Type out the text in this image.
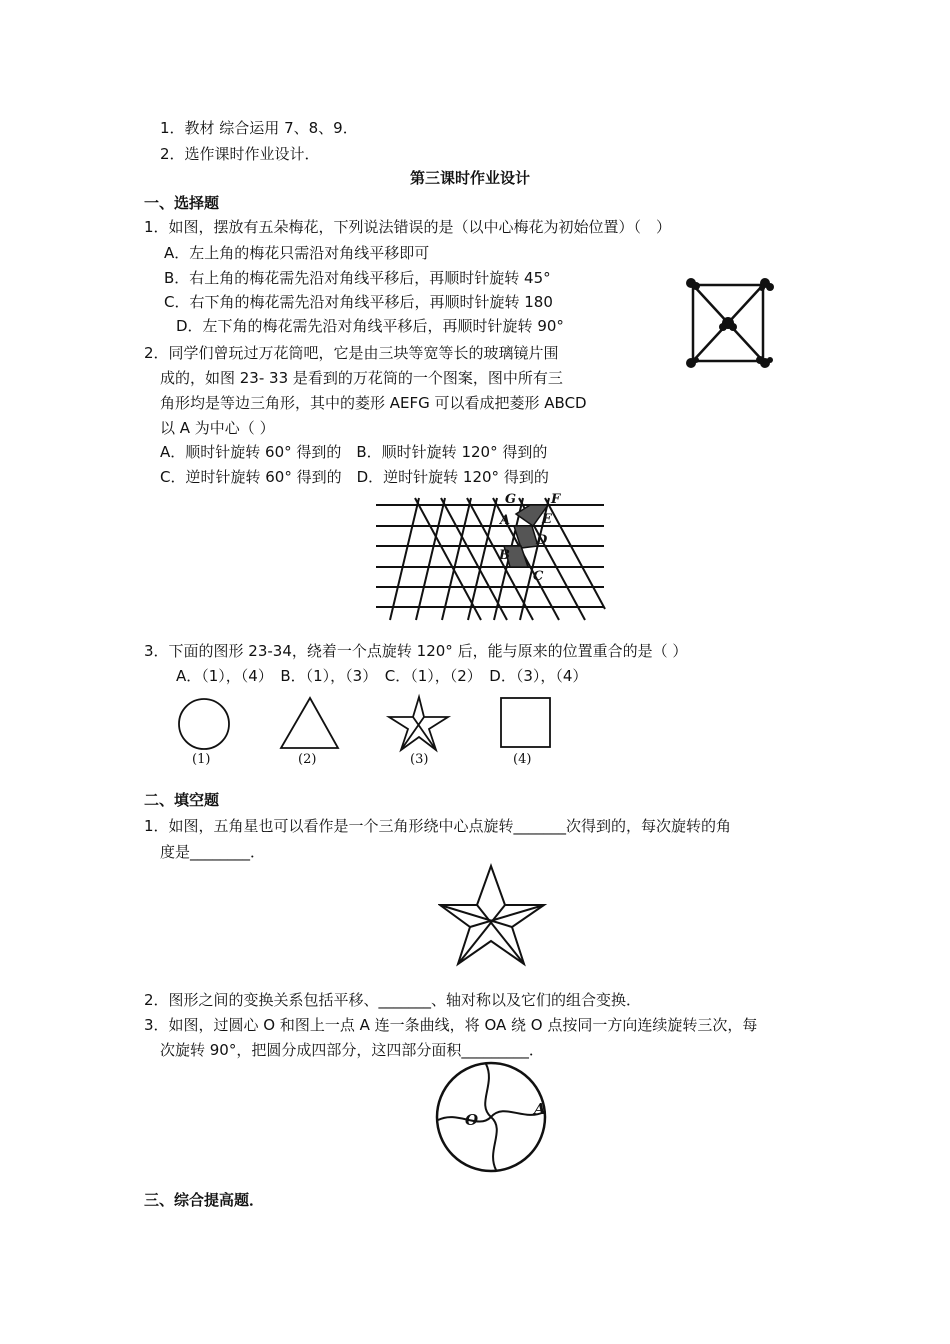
1．教材 综合运用 7、8、9．
2．选作课时作业设计．
第三课时作业设计
一、选择题
1．如图，摆放有五朵梅花，下列说法错误的是（以中心梅花为初始位置）（　）
A．左上角的梅花只需沿对角线平移即可
B．右上角的梅花需先沿对角线平移后，再顺时针旋转 45°
C．右下角的梅花需先沿对角线平移后，再顺时针旋转 180
D．左下角的梅花需先沿对角线平移后，再顺时针旋转 90°
2．同学们曾玩过万花筒吧，它是由三块等宽等长的玻璃镜片围
成的，如图 23- 33 是看到的万花筒的一个图案，图中所有三
角形均是等边三角形，其中的菱形 AEFG 可以看成把菱形 ABCD
以 A 为中心（ ）
A．顺时针旋转 60° 得到的　B．顺时针旋转 120° 得到的
C．逆时针旋转 60° 得到的　D．逆时针旋转 120° 得到的
G	F
A E
D
B
C
3．下面的图形 23-34，绕着一个点旋转 120° 后，能与原来的位置重合的是（ ）
A．（1），（4）　B．（1），（3）　C．（1），（2）　D．（3），（4）
(1)	(2)	(3)	(4)
二、填空题
1．如图，五角星也可以看作是一个三角形绕中心点旋转_______次得到的，每次旋转的角
度是________．
2．图形之间的变换关系包括平移、_______、轴对称以及它们的组合变换．
3．如图，过圆心 O 和图上一点 A 连一条曲线，将 OA 绕 O 点按同一方向连续旋转三次，每
次旋转 90°，把圆分成四部分，这四部分面积_________．
O
A
三、综合提高题．
